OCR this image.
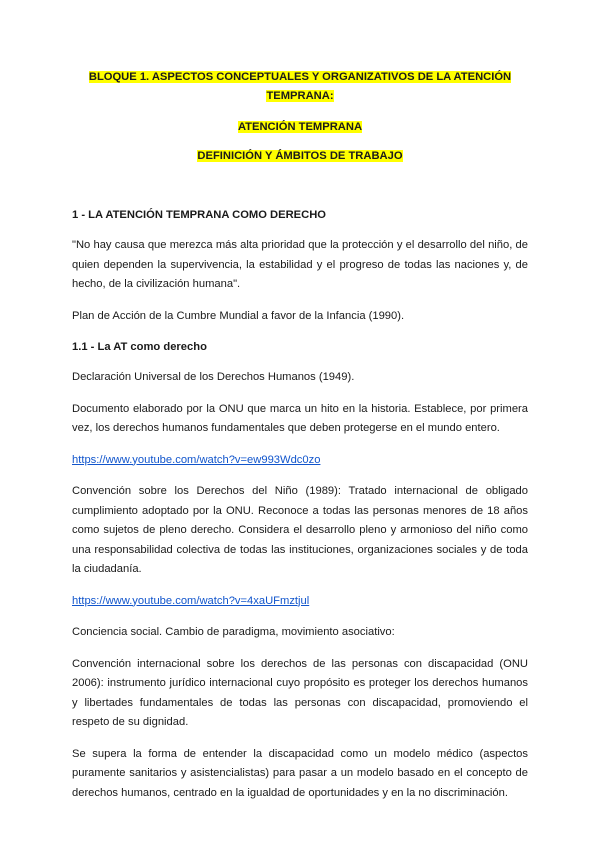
BLOQUE 1. ASPECTOS CONCEPTUALES Y ORGANIZATIVOS DE LA ATENCIÓN TEMPRANA:
ATENCIÓN TEMPRANA
DEFINICIÓN Y ÁMBITOS DE TRABAJO
1 - LA ATENCIÓN TEMPRANA COMO DERECHO

"No hay causa que merezca más alta prioridad que la protección y el desarrollo del niño, de quien dependen la supervivencia, la estabilidad y el progreso de todas las naciones y, de hecho, de la civilización humana".

Plan de Acción de la Cumbre Mundial a favor de la Infancia (1990).

1.1 - La AT como derecho

Declaración Universal de los Derechos Humanos (1949).

Documento elaborado por la ONU que marca un hito en la historia. Establece, por primera vez, los derechos humanos fundamentales que deben protegerse en el mundo entero.

https://www.youtube.com/watch?v=ew993Wdc0zo

Convención sobre los Derechos del Niño (1989): Tratado internacional de obligado cumplimiento adoptado por la ONU. Reconoce a todas las personas menores de 18 años como sujetos de pleno derecho. Considera el desarrollo pleno y armonioso del niño como una responsabilidad colectiva de todas las instituciones, organizaciones sociales y de toda la ciudadanía.

https://www.youtube.com/watch?v=4xaUFmztjul

Conciencia social. Cambio de paradigma, movimiento asociativo:

Convención internacional sobre los derechos de las personas con discapacidad (ONU 2006): instrumento jurídico internacional cuyo propósito es proteger los derechos humanos y libertades fundamentales de todas las personas con discapacidad, promoviendo el respeto de su dignidad.

Se supera la forma de entender la discapacidad como un modelo médico (aspectos puramente sanitarios y asistencialistas) para pasar a un modelo basado en el concepto de derechos humanos, centrado en la igualdad de oportunidades y en la no discriminación.
